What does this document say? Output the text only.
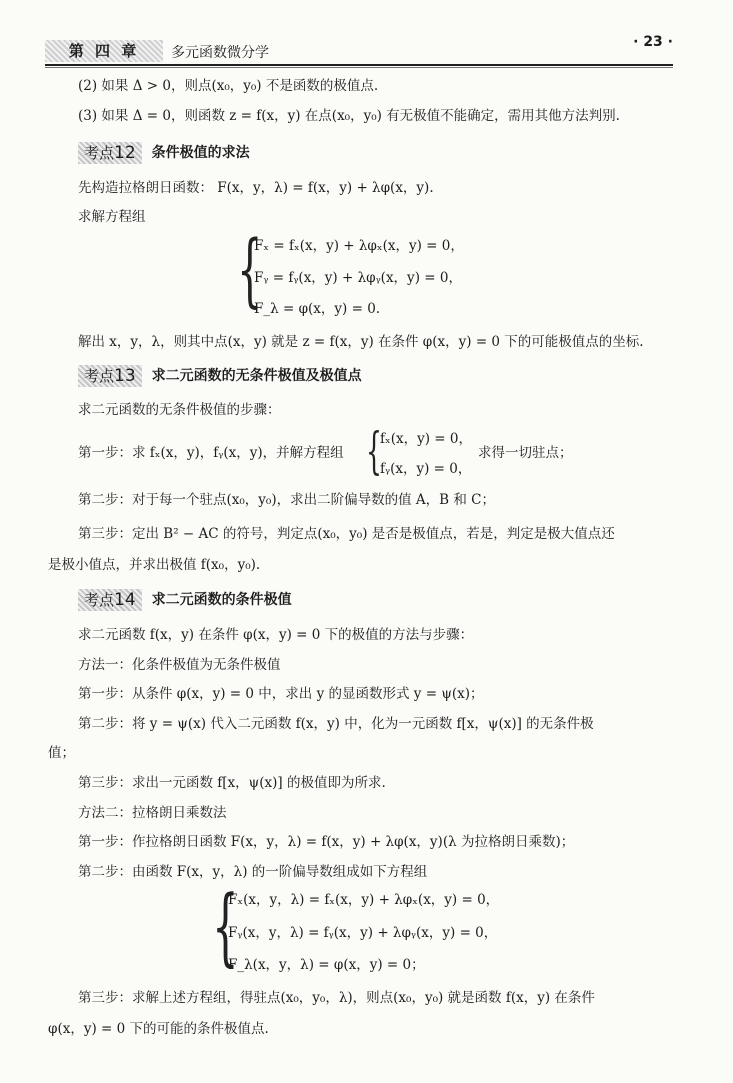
第 四 章	多元函数微分学
· 23 ·
(2) 如果 Δ > 0，则点(x₀，y₀) 不是函数的极值点.
(3) 如果 Δ = 0，则函数 z = f(x，y) 在点(x₀，y₀) 有无极值不能确定，需用其他方法判别.
考点12 条件极值的求法
先构造拉格朗日函数： F(x，y，λ) = f(x，y) + λφ(x，y).
求解方程组
{
Fₓ = fₓ(x，y) + λφₓ(x，y) = 0，
Fᵧ = fᵧ(x，y) + λφᵧ(x，y) = 0，
F_λ = φ(x，y) = 0.
解出 x，y，λ，则其中点(x，y) 就是 z = f(x，y) 在条件 φ(x，y) = 0 下的可能极值点的坐标.
考点13 求二元函数的无条件极值及极值点
求二元函数的无条件极值的步骤：
第一步：求 fₓ(x，y)，fᵧ(x，y)，并解方程组 {
fₓ(x，y) = 0，
fᵧ(x，y) = 0，
求得一切驻点；
第二步：对于每一个驻点(x₀，y₀)，求出二阶偏导数的值 A，B 和 C；
第三步：定出 B² − AC 的符号，判定点(x₀，y₀) 是否是极值点，若是，判定是极大值点还
是极小值点，并求出极值 f(x₀，y₀).
考点14 求二元函数的条件极值
求二元函数 f(x，y) 在条件 φ(x，y) = 0 下的极值的方法与步骤：
方法一：化条件极值为无条件极值
第一步：从条件 φ(x，y) = 0 中，求出 y 的显函数形式 y = ψ(x)；
第二步：将 y = ψ(x) 代入二元函数 f(x，y) 中，化为一元函数 f[x，ψ(x)] 的无条件极
值；
第三步：求出一元函数 f[x，ψ(x)] 的极值即为所求.
方法二：拉格朗日乘数法
第一步：作拉格朗日函数 F(x，y，λ) = f(x，y) + λφ(x，y)(λ 为拉格朗日乘数)；
第二步：由函数 F(x，y，λ) 的一阶偏导数组成如下方程组
{
Fₓ(x，y，λ) = fₓ(x，y) + λφₓ(x，y) = 0，
Fᵧ(x，y，λ) = fᵧ(x，y) + λφᵧ(x，y) = 0，
F_λ(x，y，λ) = φ(x，y) = 0；
第三步：求解上述方程组，得驻点(x₀，y₀，λ)，则点(x₀，y₀) 就是函数 f(x，y) 在条件
φ(x，y) = 0 下的可能的条件极值点.
